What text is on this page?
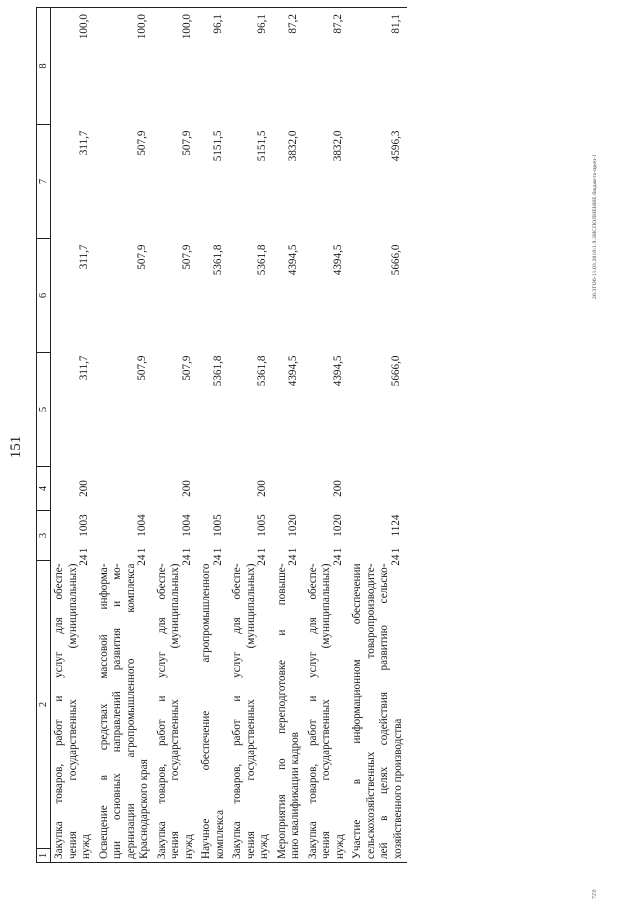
151
1	2	3		4	5	6	7	8

Закупка товаров, работ и услуг для обеспе- чения государственных (муниципальных) нужд
24		1	1003	200	311,7	311,7	311,7	100,0

Освещение в средствах массовой информа- ции основных направлений развития и мо- дернизации агропромышленного комплекса Краснодарского края
24		1	1004		507,9	507,9	507,9	100,0

Закупка товаров, работ и услуг для обеспе- чения государственных (муниципальных) нужд
24		1	1004	200	507,9	507,9	507,9	100,0

Научное обеспечение агропромышленного комплекса
24		1	1005		5361,8	5361,8	5151,5	96,1

Закупка товаров, работ и услуг для обеспе- чения государственных (муниципальных) нужд
24		1	1005	200	5361,8	5361,8	5151,5	96,1

Мероприятия по переподготовке и повыше- нию квалификации кадров
24		1	1020		4394,5	4394,5	3832,0	87,2

Закупка товаров, работ и услуг для обеспе- чения государственных (муниципальных) нужд
24		1	1020	200	4394,5	4394,5	3832,0	87,2

Участие в информационном обеспечении сельскохозяйственных товаропроизводите- лей в целях содействия развитию сельско- хозяйственного производства
24		1	1124		5666,0	5666,0	4596,3	81,1
20.3ГО6-11.03.2016\1.9.3ИСПОЛНЕНИЕ бюджета-проч-1
7Z8
